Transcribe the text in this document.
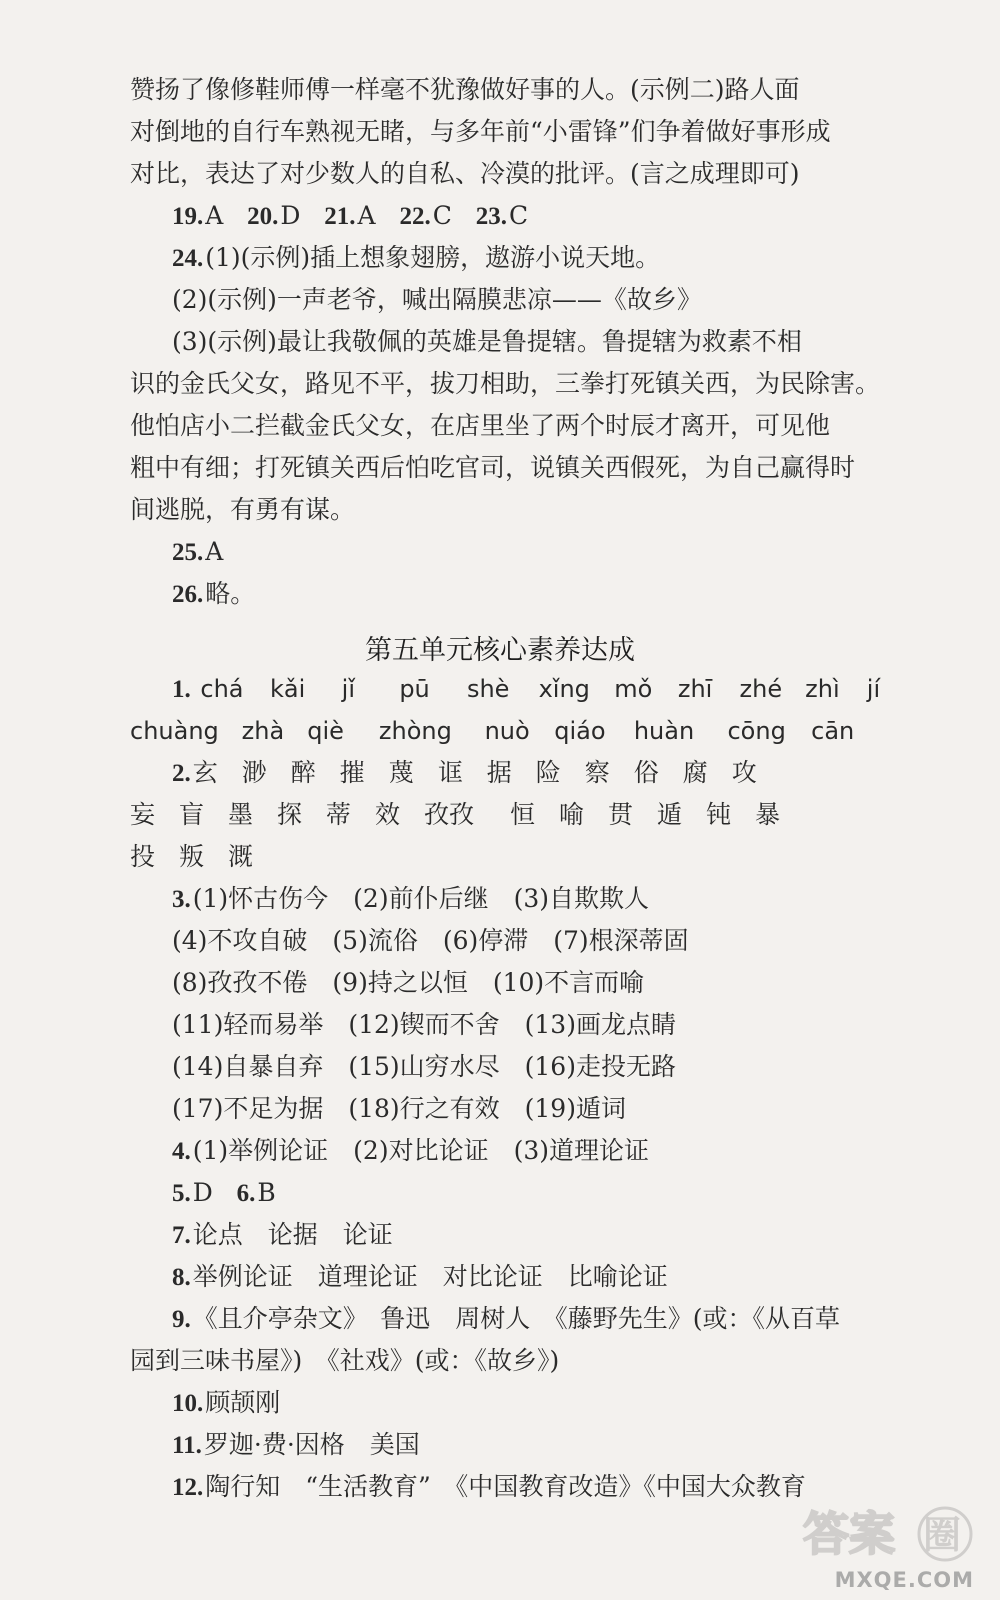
赞扬了像修鞋师傅一样毫不犹豫做好事的人。(示例二)路人面
对倒地的自行车熟视无睹，与多年前“小雷锋”们争着做好事形成
对比，表达了对少数人的自私、冷漠的批评。(言之成理即可)
19.A 20.D 21.A 22.C 23.C
24.(1)(示例)插上想象翅膀，遨游小说天地。
(2)(示例)一声老爷，喊出隔膜悲凉——《故乡》
(3)(示例)最让我敬佩的英雄是鲁提辖。鲁提辖为救素不相
识的金氏父女，路见不平，拔刀相助，三拳打死镇关西，为民除害。
他怕店小二拦截金氏父女，在店里坐了两个时辰才离开，可见他
粗中有细；打死镇关西后怕吃官司，说镇关西假死，为自己赢得时
间逃脱，有勇有谋。
25.A
26.略。
第五单元核心素养达成
1. chá kǎi jǐ pū shè xǐng mǒ zhī zhé zhì jí
chuàng zhà qiè zhòng nuò qiáo huàn cōng cān
2.玄 渺 醉 摧 蔑 诓 据 险 察 俗 腐 攻
妄 盲 墨 探 蒂 效 孜孜 恒 喻 贯 遁 钝 暴
投 叛 溉
3.(1)怀古伤今　(2)前仆后继　(3)自欺欺人
(4)不攻自破　(5)流俗　(6)停滞　(7)根深蒂固
(8)孜孜不倦　(9)持之以恒　(10)不言而喻
(11)轻而易举　(12)锲而不舍　(13)画龙点睛
(14)自暴自弃　(15)山穷水尽　(16)走投无路
(17)不足为据　(18)行之有效　(19)遁词
4.(1)举例论证　(2)对比论证　(3)道理论证
5.D 6.B
7.论点　论据　论证
8.举例论证　道理论证　对比论证　比喻论证
9.《且介亭杂文》　鲁迅　周树人　《藤野先生》(或：《从百草
园到三味书屋》)　《社戏》(或：《故乡》)
10.顾颉刚
11.罗迦·费·因格　美国
12.陶行知　“生活教育”　《中国教育改造》《中国大众教育
答案 圈
MXQE.COM
